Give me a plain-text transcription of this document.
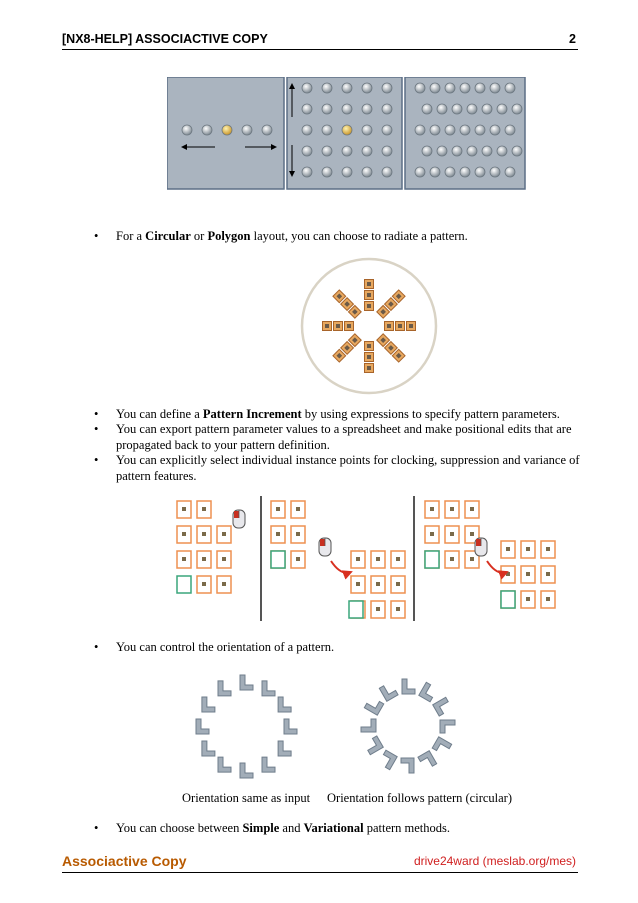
[NX8-HELP] ASSOCIACTIVE COPY	2
• For a Circular or Polygon layout, you can choose to radiate a pattern.
• You can define a Pattern Increment by using expressions to specify pattern parameters.
• You can export pattern parameter values to a spreadsheet and make positional edits that are propagated back to your pattern definition.
• You can explicitly select individual instance points for clocking, suppression and variance of pattern features.
• You can control the orientation of a pattern.
Orientation same as input Orientation follows pattern (circular)
• You can choose between Simple and Variational pattern methods.
Associactive Copy	drive24ward (meslab.org/mes)
